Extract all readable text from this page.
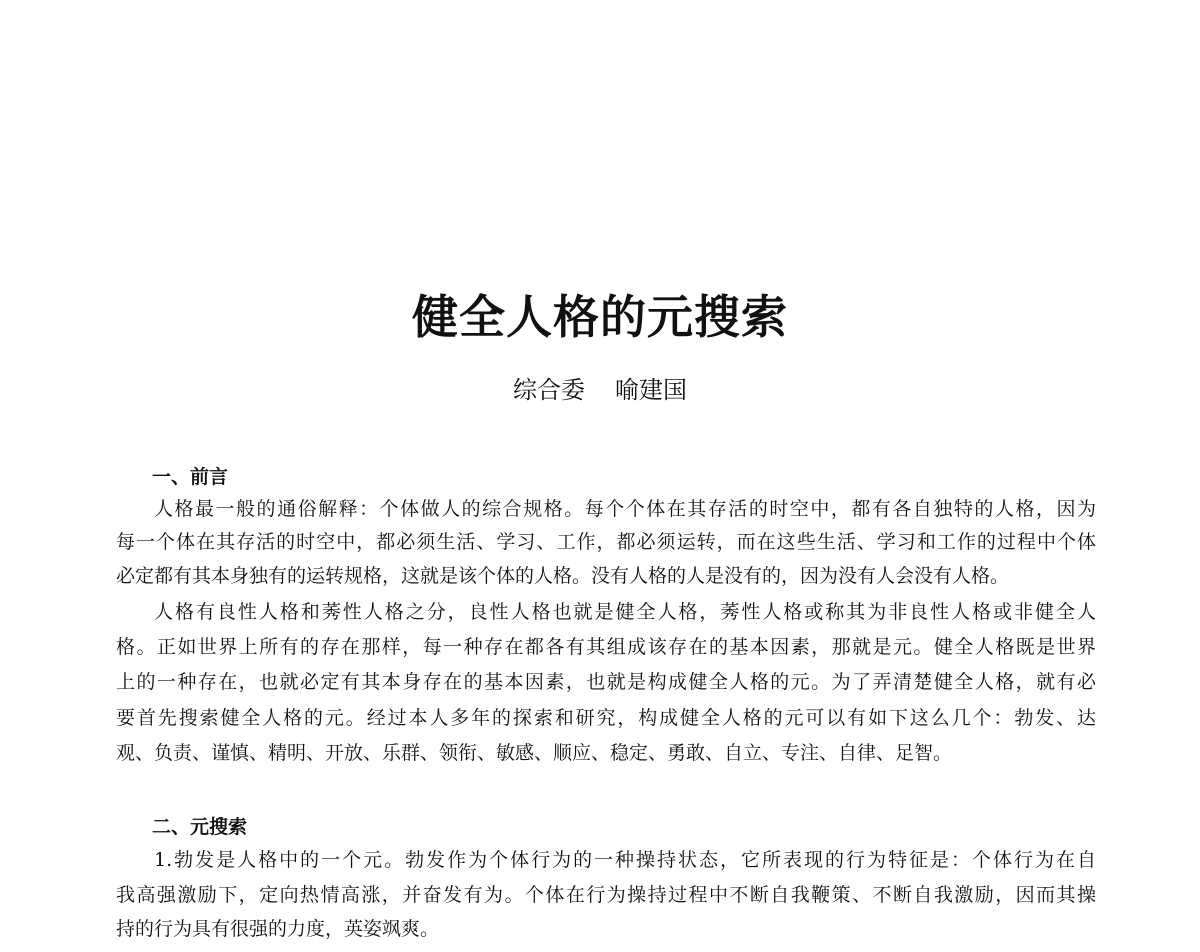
健全人格的元搜索
综合委 喻建国
一、前言
人格最一般的通俗解释：个体做人的综合规格。每个个体在其存活的时空中，都有各自独特的人格，因为
每一个体在其存活的时空中，都必须生活、学习、工作，都必须运转，而在这些生活、学习和工作的过程中个体
必定都有其本身独有的运转规格，这就是该个体的人格。没有人格的人是没有的，因为没有人会没有人格。
人格有良性人格和莠性人格之分，良性人格也就是健全人格，莠性人格或称其为非良性人格或非健全人
格。正如世界上所有的存在那样，每一种存在都各有其组成该存在的基本因素，那就是元。健全人格既是世界
上的一种存在，也就必定有其本身存在的基本因素，也就是构成健全人格的元。为了弄清楚健全人格，就有必
要首先搜索健全人格的元。经过本人多年的探索和研究，构成健全人格的元可以有如下这么几个：勃发、达
观、负责、谨慎、精明、开放、乐群、领衔、敏感、顺应、稳定、勇敢、自立、专注、自律、足智。
二、元搜索
1.勃发是人格中的一个元。勃发作为个体行为的一种操持状态，它所表现的行为特征是：个体行为在自
我高强激励下，定向热情高涨，并奋发有为。个体在行为操持过程中不断自我鞭策、不断自我激励，因而其操
持的行为具有很强的力度，英姿飒爽。
